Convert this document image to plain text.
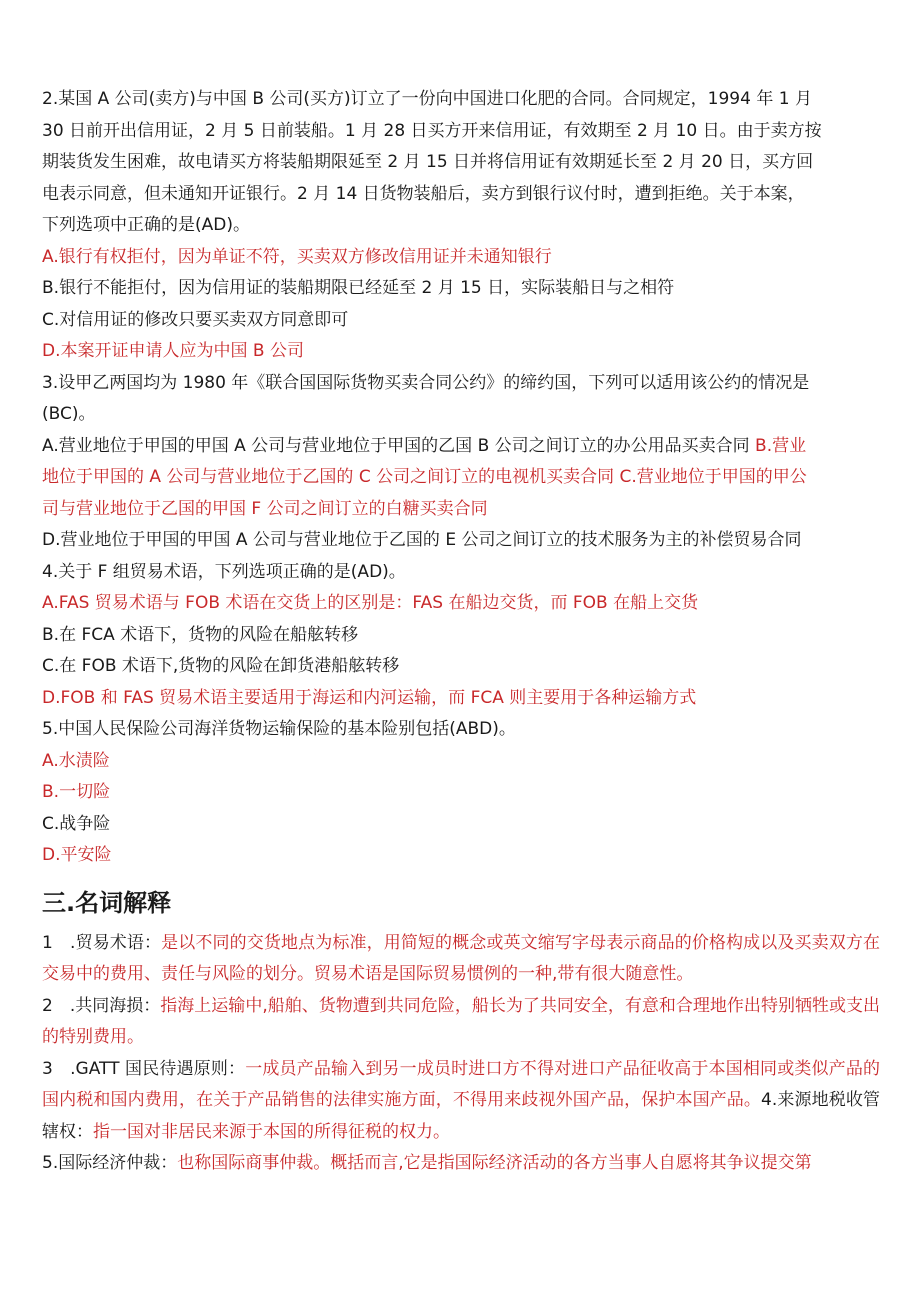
2.某国 A 公司(卖方)与中国 B 公司(买方)订立了一份向中国进口化肥的合同。合同规定，1994 年 1 月

30 日前开出信用证，2 月 5 日前装船。1 月 28 日买方开来信用证，有效期至 2 月 10 日。由于卖方按

期装货发生困难，故电请买方将装船期限延至 2 月 15 日并将信用证有效期延长至 2 月 20 日，买方回

电表示同意，但未通知开证银行。2 月 14 日货物装船后，卖方到银行议付时，遭到拒绝。关于本案，

下列选项中正确的是(AD)。

A.银行有权拒付，因为单证不符，买卖双方修改信用证并未通知银行

B.银行不能拒付，因为信用证的装船期限已经延至 2 月 15 日，实际装船日与之相符

C.对信用证的修改只要买卖双方同意即可

D.本案开证申请人应为中国 B 公司

3.设甲乙两国均为 1980 年《联合国国际货物买卖合同公约》的缔约国，下列可以适用该公约的情况是

(BC)。

A.营业地位于甲国的甲国 A 公司与营业地位于甲国的乙国 B 公司之间订立的办公用品买卖合同 B.营业

地位于甲国的 A 公司与营业地位于乙国的 C 公司之间订立的电视机买卖合同 C.营业地位于甲国的甲公

司与营业地位于乙国的甲国 F 公司之间订立的白糖买卖合同

D.营业地位于甲国的甲国 A 公司与营业地位于乙国的 E 公司之间订立的技术服务为主的补偿贸易合同

4.关于 F 组贸易术语，下列选项正确的是(AD)。

A.FAS 贸易术语与 FOB 术语在交货上的区别是：FAS 在船边交货，而 FOB 在船上交货

B.在 FCA 术语下，货物的风险在船舷转移

C.在 FOB 术语下,货物的风险在卸货港船舷转移

D.FOB 和 FAS 贸易术语主要适用于海运和内河运输，而 FCA 则主要用于各种运输方式

5.中国人民保险公司海洋货物运输保险的基本险别包括(ABD)。

A.水渍险

B.一切险

C.战争险

D.平安险

三.名词解释

1　.贸易术语：是以不同的交货地点为标准，用简短的概念或英文缩写字母表示商品的价格构成以及买卖双方在交易中的费用、责任与风险的划分。贸易术语是国际贸易惯例的一种,带有很大随意性。

2　.共同海损：指海上运输中,船舶、货物遭到共同危险，船长为了共同安全，有意和合理地作出特别牺牲或支出的特别费用。

3　.GATT 国民待遇原则：一成员产品输入到另一成员时进口方不得对进口产品征收高于本国相同或类似产品的国内税和国内费用，在关于产品销售的法律实施方面，不得用来歧视外国产品，保护本国产品。4.来源地税收管辖权：指一国对非居民来源于本国的所得征税的权力。

5.国际经济仲裁：也称国际商事仲裁。概括而言,它是指国际经济活动的各方当事人自愿将其争议提交第
